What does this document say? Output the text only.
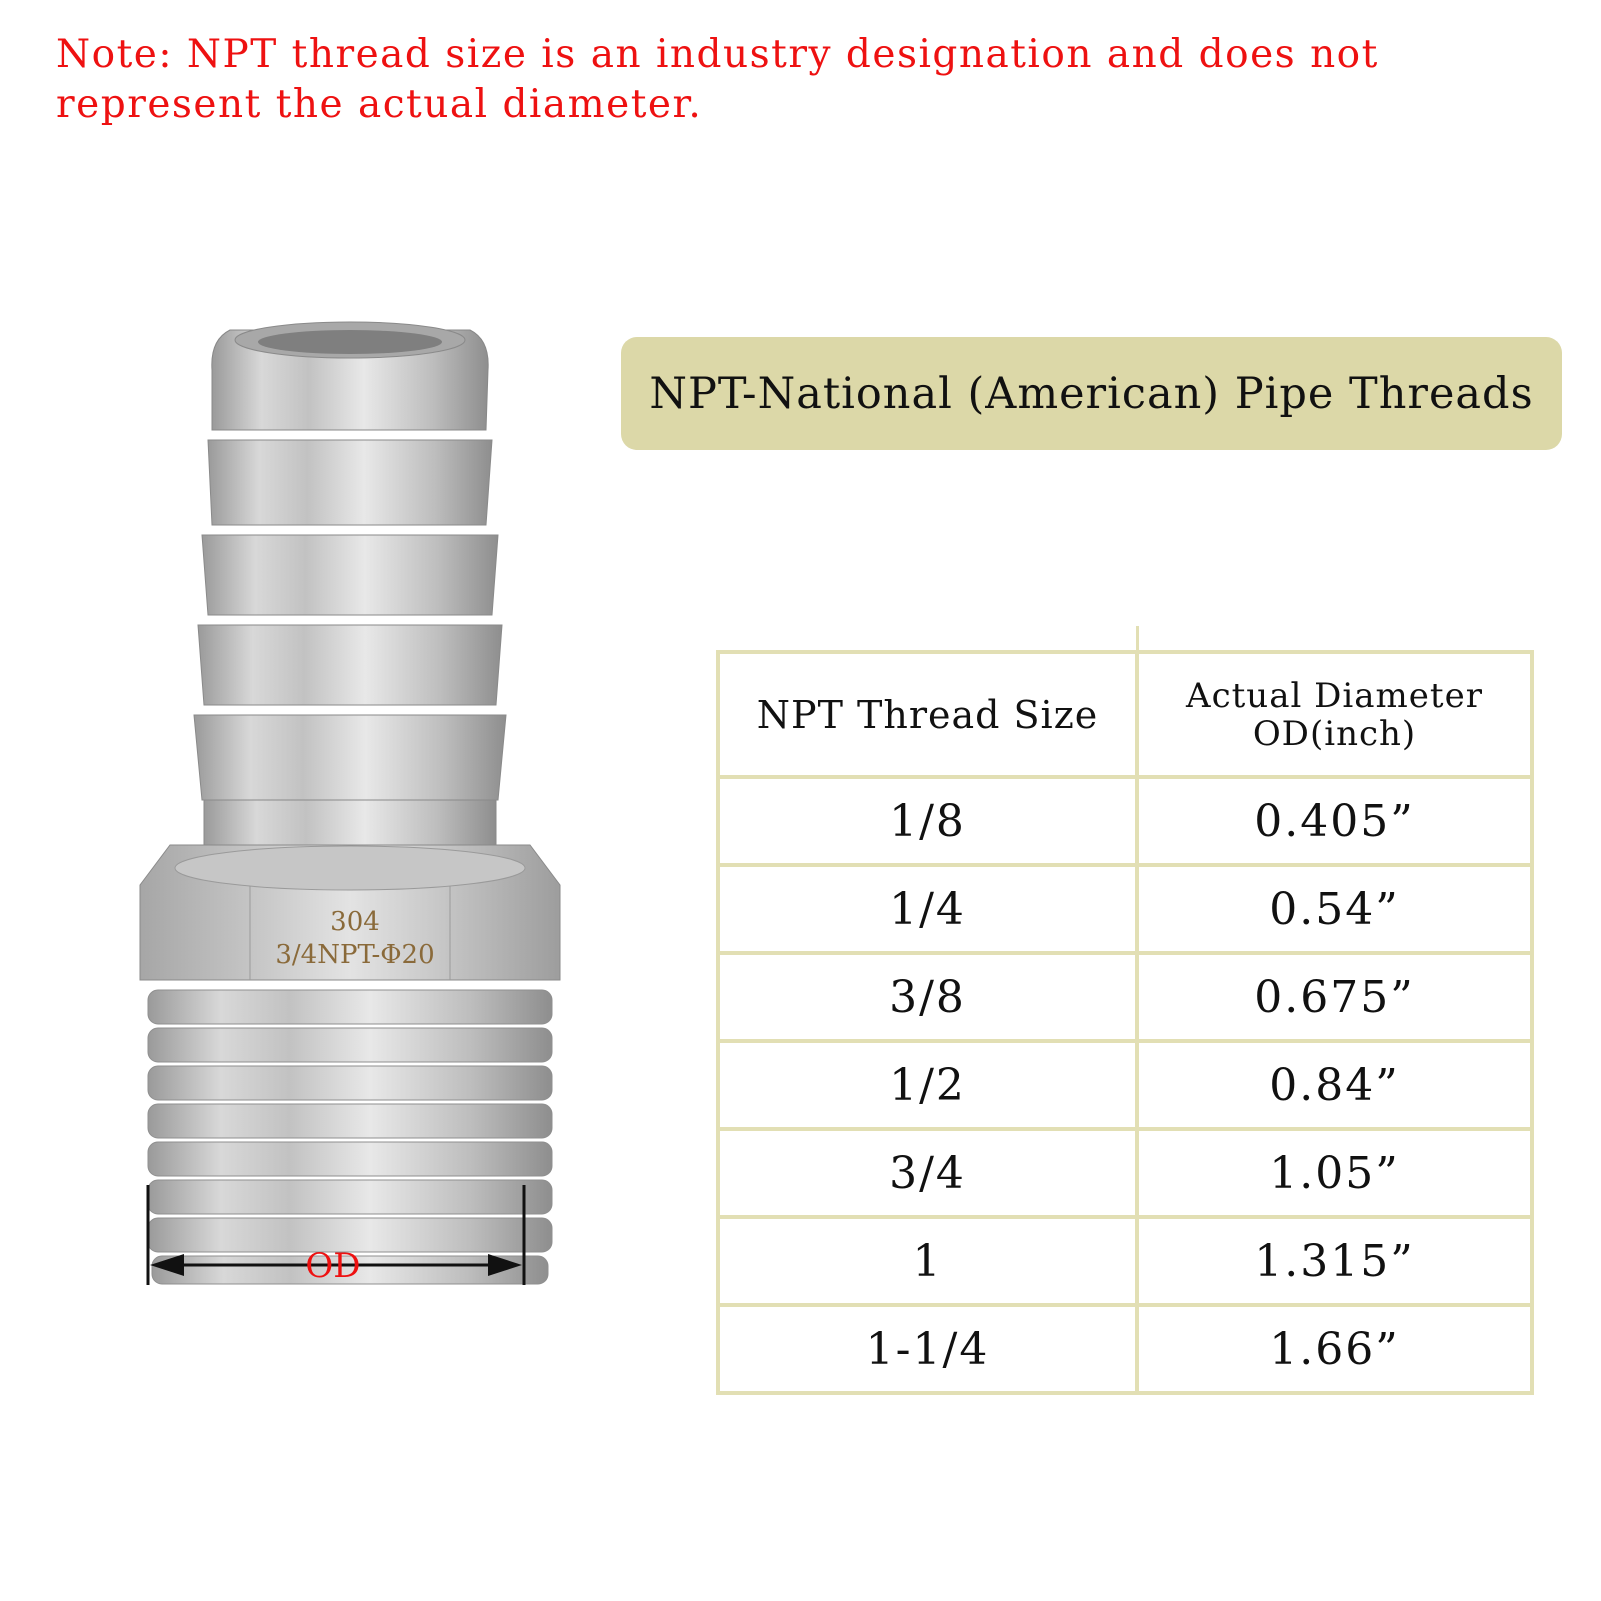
Note: NPT thread size is an industry designation and does not represent the actual diameter.

NPT-National (American) Pipe Threads
304
3/4NPT-Φ20
OD
NPT Thread Size	Actual Diameter
OD(inch)

1/8	0.405”
1/4	0.54”
3/8	0.675”
1/2	0.84”
3/4	1.05”
1	1.315”
1-1/4	1.66”
